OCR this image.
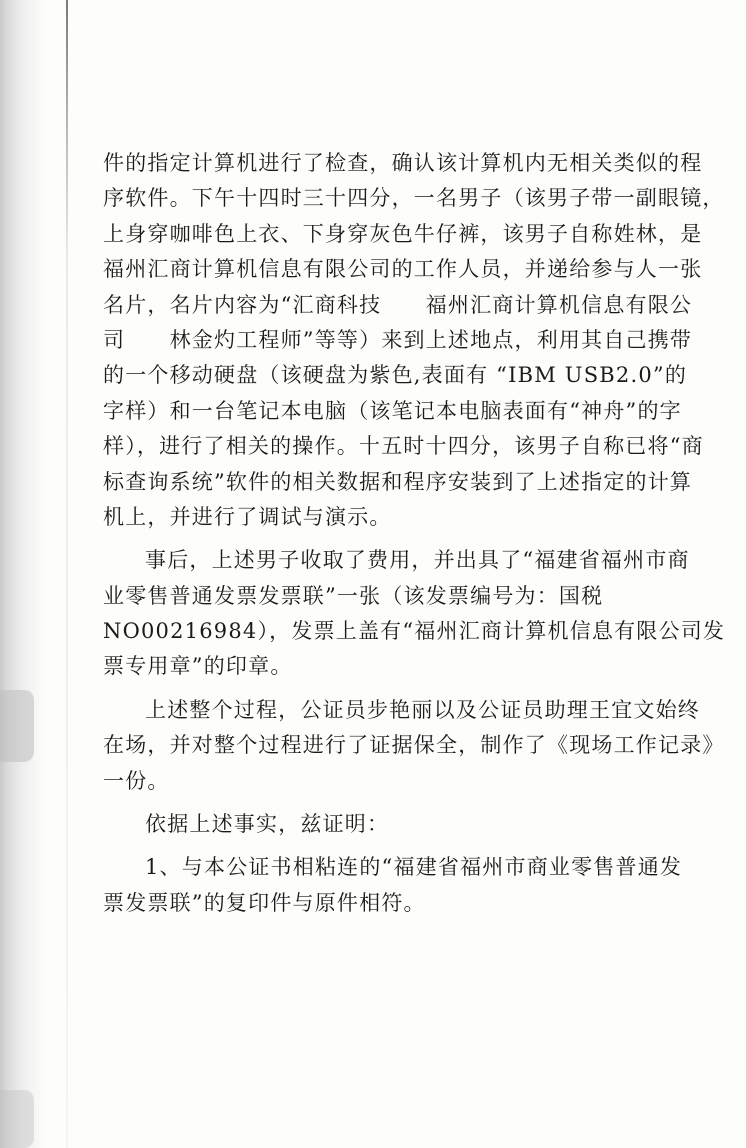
件的指定计算机进行了检查，确认该计算机内无相关类似的程
序软件。下午十四时三十四分，一名男子（该男子带一副眼镜，
上身穿咖啡色上衣、下身穿灰色牛仔裤，该男子自称姓林，是
福州汇商计算机信息有限公司的工作人员，并递给参与人一张
名片，名片内容为“汇商科技　　福州汇商计算机信息有限公
司　　林金灼工程师”等等）来到上述地点，利用其自己携带
的一个移动硬盘（该硬盘为紫色,表面有 “IBM USB2.0”的
字样）和一台笔记本电脑（该笔记本电脑表面有“神舟”的字
样），进行了相关的操作。十五时十四分，该男子自称已将“商
标查询系统”软件的相关数据和程序安装到了上述指定的计算
机上，并进行了调试与演示。
事后，上述男子收取了费用，并出具了“福建省福州市商
业零售普通发票发票联”一张（该发票编号为：国税
NO00216984），发票上盖有“福州汇商计算机信息有限公司发
票专用章”的印章。
上述整个过程，公证员步艳丽以及公证员助理王宜文始终
在场，并对整个过程进行了证据保全，制作了《现场工作记录》
一份。
依据上述事实，兹证明：
1、与本公证书相粘连的“福建省福州市商业零售普通发
票发票联”的复印件与原件相符。
